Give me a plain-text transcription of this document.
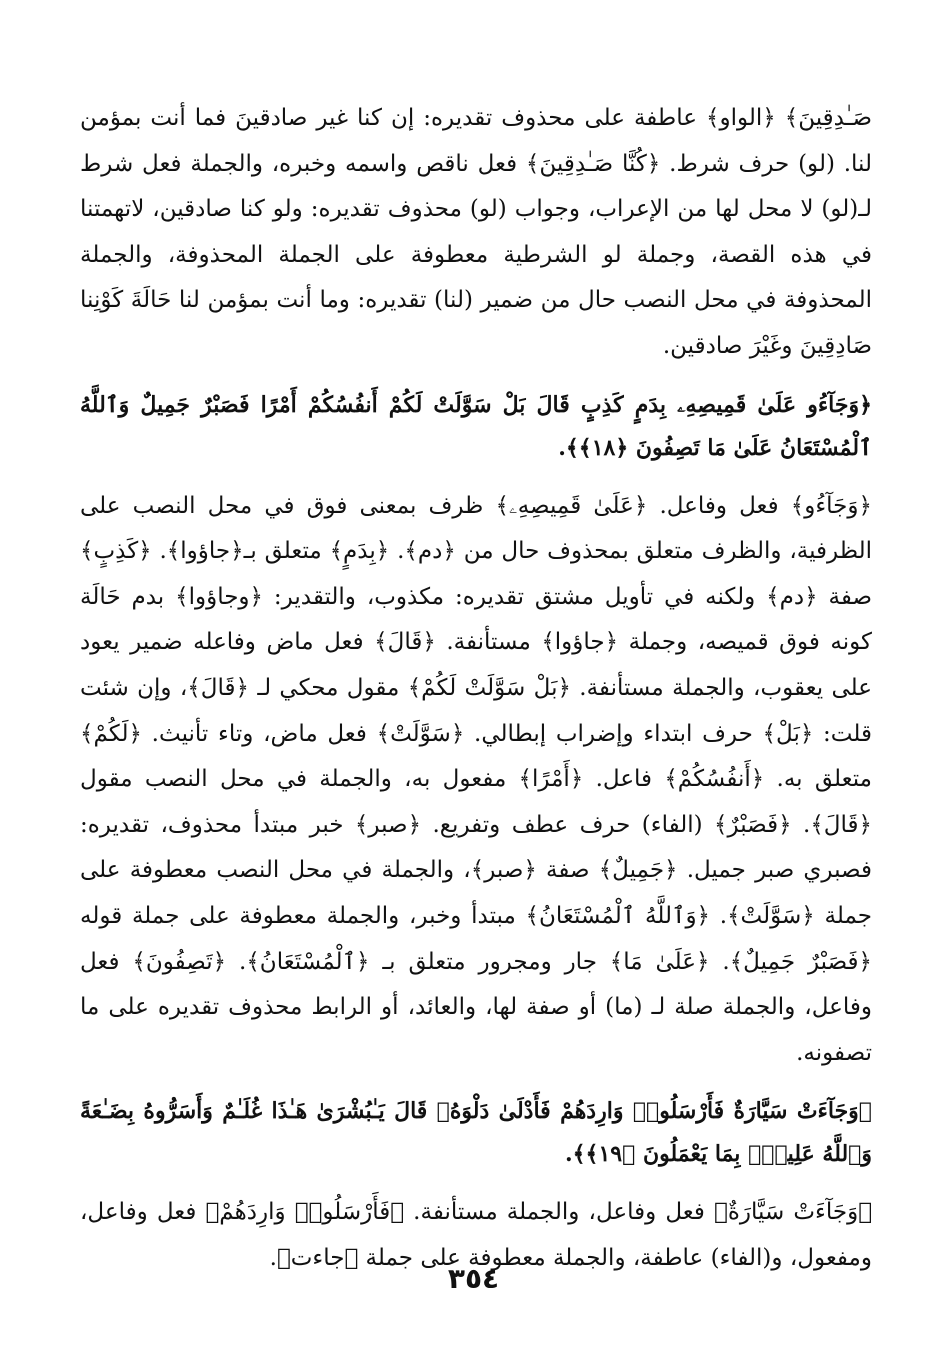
صَـٰدِقِينَ﴾ ﴿الواو﴾ عاطفة على محذوف تقديره: إن كنا غير صادقينَ فما أنت بمؤمن لنا. (لو) حرف شرط. ﴿كُنَّا صَـٰدِقِينَ﴾ فعل ناقص واسمه وخبره، والجملة فعل شرط لـ(لو) لا محل لها من الإعراب، وجواب (لو) محذوف تقديره: ولو كنا صادقين، لاتهمتنا في هذه القصة، وجملة لو الشرطية معطوفة على الجملة المحذوفة، والجملة المحذوفة في محل النصب حال من ضمير (لنا) تقديره: وما أنت بمؤمن لنا حَالَةَ كَوْنِنا صَادِقِينَ وغَيْرَ صادقين.

﴿وَجَآءُو عَلَىٰ قَمِيصِهِۦ بِدَمٍ كَذِبٍ قَالَ بَلْ سَوَّلَتْ لَكُمْ أَنفُسُكُمْ أَمْرًا فَصَبْرٌ جَمِيلٌ وَٱللَّهُ ٱلْمُسْتَعَانُ عَلَىٰ مَا تَصِفُونَ ﴿١٨﴾﴾.

﴿وَجَآءُو﴾ فعل وفاعل. ﴿عَلَىٰ قَمِيصِهِۦ﴾ ظرف بمعنى فوق في محل النصب على الظرفية، والظرف متعلق بمحذوف حال من ﴿دم﴾. ﴿بِدَمٍ﴾ متعلق بـ﴿جاؤوا﴾. ﴿كَذِبٍ﴾ صفة ﴿دم﴾ ولكنه في تأويل مشتق تقديره: مكذوب، والتقدير: ﴿وجاؤوا﴾ بدم حَالَة كونه فوق قميصه، وجملة ﴿جاؤوا﴾ مستأنفة. ﴿قَالَ﴾ فعل ماض وفاعله ضمير يعود على يعقوب، والجملة مستأنفة. ﴿بَلْ سَوَّلَتْ لَكُمْ﴾ مقول محكي لـ ﴿قَالَ﴾، وإن شئت قلت: ﴿بَلْ﴾ حرف ابتداء وإضراب إبطالي. ﴿سَوَّلَتْ﴾ فعل ماض، وتاء تأنيث. ﴿لَكُمْ﴾ متعلق به. ﴿أَنفُسُكُمْ﴾ فاعل. ﴿أَمْرًا﴾ مفعول به، والجملة في محل النصب مقول ﴿قَالَ﴾. ﴿فَصَبْرٌ﴾ (الفاء) حرف عطف وتفريع. ﴿صبر﴾ خبر مبتدأ محذوف، تقديره: فصبري صبر جميل. ﴿جَمِيلٌ﴾ صفة ﴿صبر﴾، والجملة في محل النصب معطوفة على جملة ﴿سَوَّلَتْ﴾. ﴿وَٱللَّهُ ٱلْمُسْتَعَانُ﴾ مبتدأ وخبر، والجملة معطوفة على جملة قوله ﴿فَصَبْرٌ جَمِيلٌ﴾. ﴿عَلَىٰ مَا﴾ جار ومجرور متعلق بـ ﴿ٱلْمُسْتَعَانُ﴾. ﴿تَصِفُونَ﴾ فعل وفاعل، والجملة صلة لـ (ما) أو صفة لها، والعائد، أو الرابط محذوف تقديره على ما تصفونه.

﴿وَجَآءَتْ سَيَّارَةٌ فَأَرْسَلُوا۟ وَارِدَهُمْ فَأَدْلَىٰ دَلْوَهُۥ قَالَ يَـٰبُشْرَىٰ هَـٰذَا غُلَـٰمٌ وَأَسَرُّوهُ بِضَـٰعَةً وَٱللَّهُ عَلِيمٌۢ بِمَا يَعْمَلُونَ ﴿١٩﴾﴾.

﴿وَجَآءَتْ سَيَّارَةٌ﴾ فعل وفاعل، والجملة مستأنفة. ﴿فَأَرْسَلُوا۟ وَارِدَهُمْ﴾ فعل وفاعل، ومفعول، و(الفاء) عاطفة، والجملة معطوفة على جملة ﴿جاءت﴾.

٣٥٤
